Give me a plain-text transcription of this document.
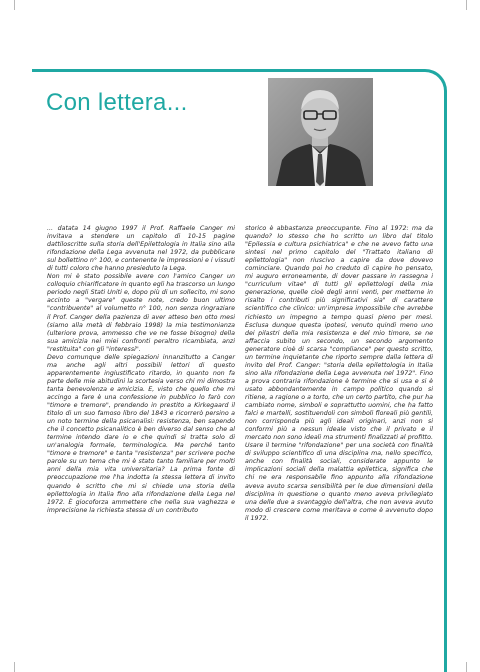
Con lettera...

... datata 14 giugno 1997 il Prof. Raffaele Canger mi invitava a stendere un capitolo di 10-15 pagine dattiloscritte sulla storia dell'Epilettologia in Italia sino alla rifondazione della Lega avvenuta nel 1972, da pubblicare sul bollettino n° 100, e contenente le impressioni e i vissuti di tutti coloro che hanno presieduto la Lega.

Non mi è stato possibile avere con l'amico Canger un colloquio chiarificatore in quanto egli ha trascorso un lungo periodo negli Stati Uniti e, dopo più di un sollecito, mi sono accinto a "vergare" queste note, credo buon ultimo "contribuente" al volumetto n° 100, non senza ringraziare il Prof. Canger della pazienza di aver atteso ben otto mesi (siamo alla metà di febbraio 1998) la mia testimonianza (ulteriore prova, ammesso che ve ne fosse bisogno) della sua amicizia nei miei confronti peraltro ricambiata, anzi "restituita" con gli "interessi".

Devo comunque delle spiegazioni innanzitutto a Canger ma anche agli altri possibili lettori di questo apparentemente ingiustificato ritardo, in quanto non fa parte delle mie abitudini la scortesia verso chi mi dimostra tanta benevolenza e amicizia. E, visto che quello che mi accingo a fare è una confessione in pubblico lo farò con "timore e tremore", prendendo in prestito a Kirkegaard il titolo di un suo famoso libro del 1843 e ricorrerò persino a un noto termine della psicanalisi: resistenza, ben sapendo che il concetto psicanalitico è ben diverso dal senso che al termine intendo dare io e che quindi si tratta solo di un'analogia formale, terminologica. Ma perché tanto "timore e tremore" e tanta "resistenza" per scrivere poche parole su un tema che mi è stato tanto familiare per molti anni della mia vita universitaria? La prima fonte di preoccupazione me l'ha indotta la stessa lettera di invito quando è scritto che mi si chiede una storia della epilettologia in Italia fino alla rifondazione della Lega nel 1972. È giocoforza ammettere che nella sua vaghezza e imprecisione la richiesta stessa di un contributo

storico è abbastanza preoccupante. Fino al 1972: ma da quando? Io stesso che ho scritto un libro dal titolo "Epilessia e cultura psichiatrica" e che ne avevo fatto una sintesi nel primo capitolo del "Trattato italiano di epilettologia" non riuscivo a capire da dove dovevo cominciare. Quando poi ho creduto di capire ho pensato, mi auguro erroneamente, di dover passare in rassegna i "curriculum vitae" di tutti gli epilettologi della mia generazione, quelle cioè degli anni venti, per metterne in risalto i contributi più significativi sia" di carattere scientifico che clinico: un'impresa impossibile che avrebbe richiesto un impegno a tempo quasi pieno per mesi. Esclusa dunque questa ipotesi, venuto quindi meno uno dei pilastri della mia resistenza e del mio timore, se ne affaccia subito un secondo, un secondo argomento generatore cioè di scarsa "compliance" per questo scritto, un termine inquietante che riporto sempre dalla lettera di invito del Prof. Canger: "storia della epilettologia in Italia sino alla rifondazione della Lega avvenuta nel 1972". Fino a prova contraria rifondazione è termine che si usa e si è usato abbondantemente in campo politico quando si ritiene, a ragione o a torto, che un certo partito, che pur ha cambiato nome, simboli e soprattutto uomini, che ha fatto falci e martelli, sostituendoli con simboli floreali più gentili, non corrisponda più agli ideali originari, anzi non si conformi più a nessun ideale visto che il privato e il mercato non sono ideali ma strumenti finalizzati al profitto. Usare il termine "rifondazione" per una società con finalità di sviluppo scientifico di una disciplina ma, nello specifico, anche con finalità sociali, considerate appunto le implicazioni sociali della malattia epilettica, significa che chi ne era responsabile fino appunto alla rifondazione aveva avuto scarsa sensibilità per le due dimensioni della disciplina in questione o quanto meno aveva privilegiato una delle due a svantaggio dell'altra, che non aveva avuto modo di crescere come meritava e come è avvenuto dopo il 1972.
